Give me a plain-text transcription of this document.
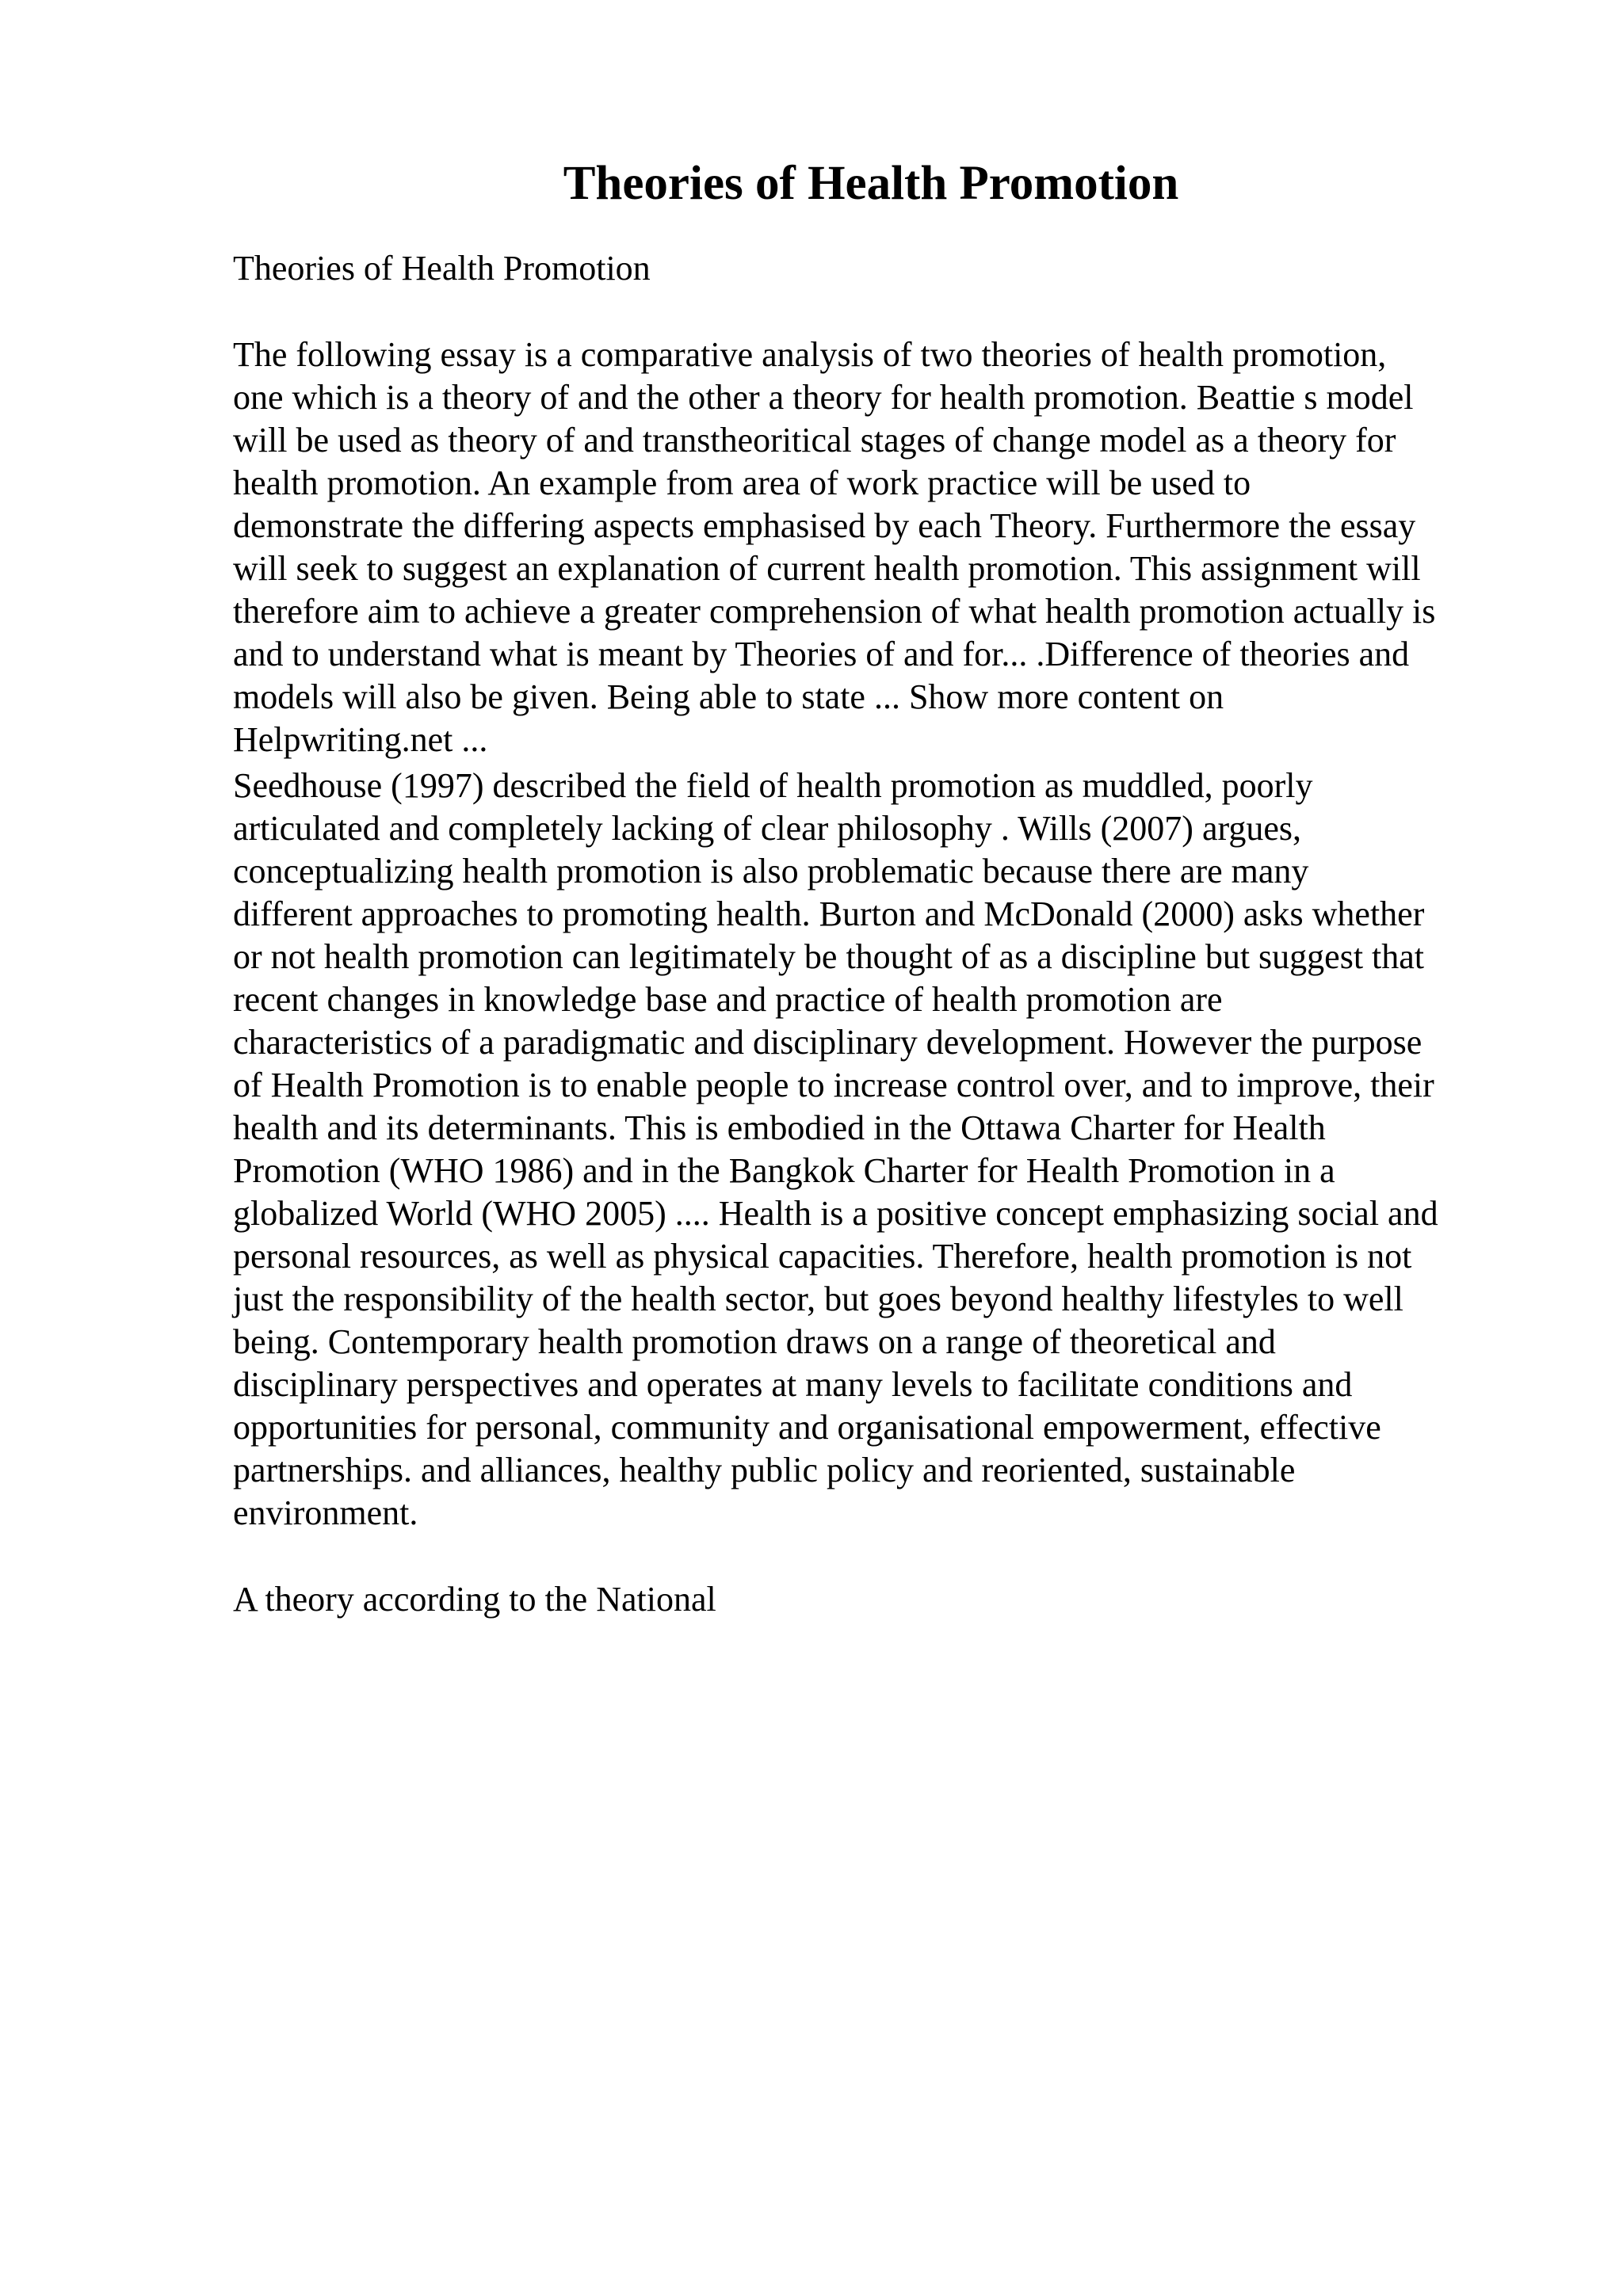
Theories of Health Promotion

Theories of Health Promotion

The following essay is a comparative analysis of two theories of health promotion,
one which is a theory of and the other a theory for health promotion. Beattie s model
will be used as theory of and transtheoritical stages of change model as a theory for
health promotion. An example from area of work practice will be used to
demonstrate the differing aspects emphasised by each Theory. Furthermore the essay
will seek to suggest an explanation of current health promotion. This assignment will
therefore aim to achieve a greater comprehension of what health promotion actually is
and to understand what is meant by Theories of and for... .Difference of theories and
models will also be given. Being able to state ... Show more content on
Helpwriting.net ...

Seedhouse (1997) described the field of health promotion as muddled, poorly
articulated and completely lacking of clear philosophy . Wills (2007) argues,
conceptualizing health promotion is also problematic because there are many
different approaches to promoting health. Burton and McDonald (2000) asks whether
or not health promotion can legitimately be thought of as a discipline but suggest that
recent changes in knowledge base and practice of health promotion are
characteristics of a paradigmatic and disciplinary development. However the purpose
of Health Promotion is to enable people to increase control over, and to improve, their
health and its determinants. This is embodied in the Ottawa Charter for Health
Promotion (WHO 1986) and in the Bangkok Charter for Health Promotion in a
globalized World (WHO 2005) .... Health is a positive concept emphasizing social and
personal resources, as well as physical capacities. Therefore, health promotion is not
just the responsibility of the health sector, but goes beyond healthy lifestyles to well
being. Contemporary health promotion draws on a range of theoretical and
disciplinary perspectives and operates at many levels to facilitate conditions and
opportunities for personal, community and organisational empowerment, effective
partnerships. and alliances, healthy public policy and reoriented, sustainable
environment.

A theory according to the National
